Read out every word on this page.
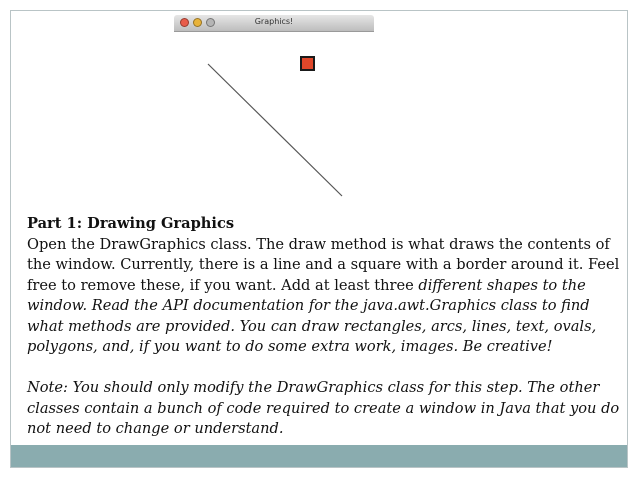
Graphics!
Part 1: Drawing Graphics
Open the DrawGraphics class. The draw method is what draws the contents of the window. Currently, there is a line and a square with a border around it. Feel free to remove these, if you want. Add at least three different shapes to the window. Read the API documentation for the java.awt.Graphics class to find what methods are provided. You can draw rectangles, arcs, lines, text, ovals, polygons, and, if you want to do some extra work, images. Be creative!
Note: You should only modify the DrawGraphics class for this step. The other classes contain a bunch of code required to create a window in Java that you do not need to change or understand.
